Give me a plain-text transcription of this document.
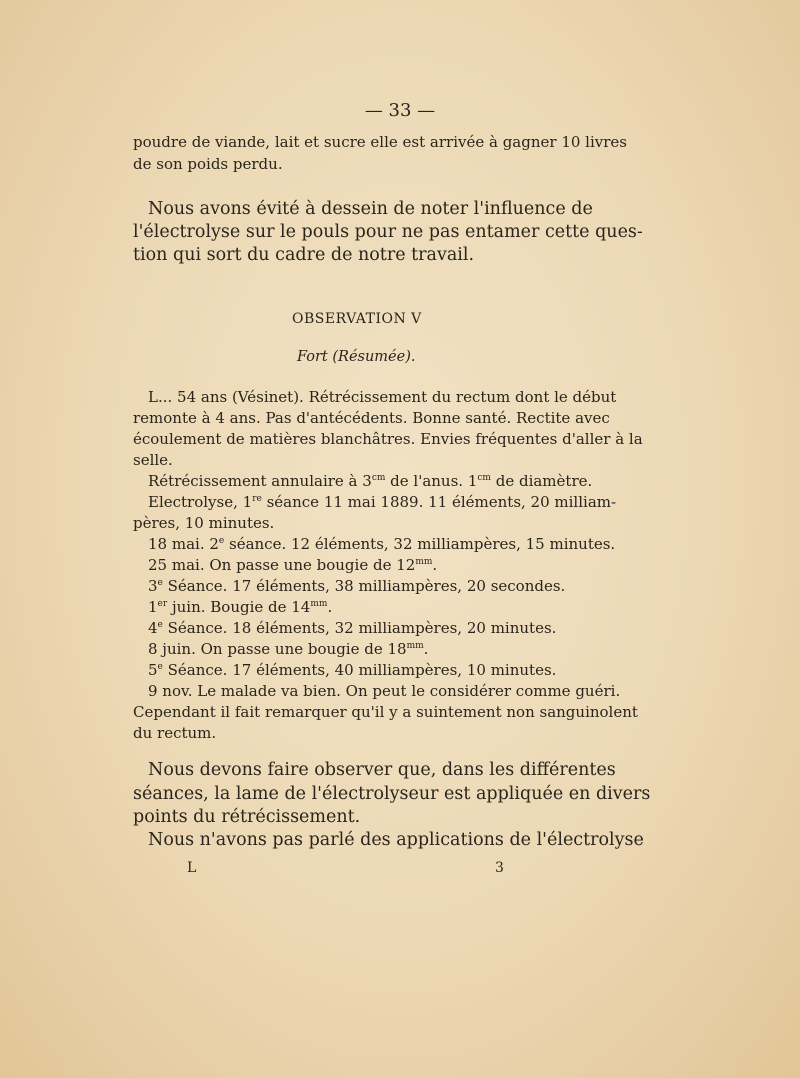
— 33 —
poudre de viande, lait et sucre elle est arrivée à gagner 10 livres
de son poids perdu.
Nous avons évité à dessein de noter l'influence de
l'électrolyse sur le pouls pour ne pas entamer cette ques-
tion qui sort du cadre de notre travail.
OBSERVATION V
Fort (Résumée).
L... 54 ans (Vésinet). Rétrécissement du rectum dont le début
remonte à 4 ans. Pas d'antécédents. Bonne santé. Rectite avec
écoulement de matières blanchâtres. Envies fréquentes d'aller à la
selle.
Rétrécissement annulaire à $3^{cm}$ de l'anus. $1^{cm}$ de diamètre.
Electrolyse, 1re séance 11 mai 1889. 11 éléments, 20 milliam-
pères, 10 minutes.
18 mai. 2e séance. 12 éléments, 32 milliampères, 15 minutes.
25 mai. On passe une bougie de $12^{mm}$.
3e Séance. 17 éléments, 38 milliampères, 20 secondes.
1er juin. Bougie de $14^{mm}$.
4e Séance. 18 éléments, 32 milliampères, 20 minutes.
8 juin. On passe une bougie de $18^{mm}$.
5e Séance. 17 éléments, 40 milliampères, 10 minutes.
9 nov. Le malade va bien. On peut le considérer comme guéri.
Cependant il fait remarquer qu'il y a suintement non sanguinolent
du rectum.
Nous devons faire observer que, dans les différentes
séances, la lame de l'électrolyseur est appliquée en divers
points du rétrécissement.
Nous n'avons pas parlé des applications de l'électrolyse
L	3
